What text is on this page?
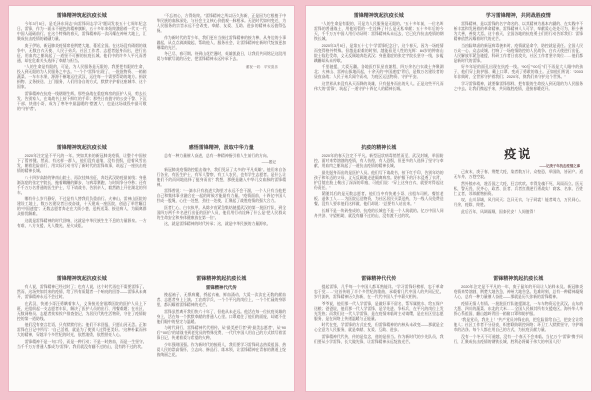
雷锋精神筑起抗疫长城

今年3月5日，是毛泽东同志“向雷锋同志学习”题词发表五十七周年纪念日。雷锋，作为一面永不褪色的精神旗帜，五十多年来始终激励着一代又一代中国人砥砺前行。在这个特殊的春天，雷锋精神再一次闪耀在神州大地上，汇聚成抗击疫情的磅礴力量。

庚子伊始，新冠肺炎疫情席卷荆楚大地，蔓延全国。在这场没有硝烟的战争中，无数白衣天使、人民子弟兵、社区工作者、志愿者挺身而出，逆行出征，用血肉之躯筑起了一道坚不可摧的抗疫长城。他们中的许多人平凡而普通，却在危难关头选择了奉献与担当。

“人的生命是有限的，可是，为人民服务是无限的，我要把有限的生命，投入到无限的为人民服务之中去。”一个个“雷锋”出现了，一批批物资、一箱箱蔬菜、一车车水果，源源不断地运往武汉，运往每一个需要帮助的地方。捐款捐物、义务接送、上门服务，人们用各自的方式，默默守护着这座城市、这个国家。

雷锋精神在抗疫一线熠熠生辉。那些奋战在重症病房的医护人员，剪去长发、告别家人，在请战书上按下鲜红的手印；那些日夜值守的公安干警、下沉干部、快递小哥，成为了寒冬中最温暖的“摆渡人”，也是这场战役中最可敬的“守护者”。

雷锋精神筑起抗疫长城

2020年注定是不平凡的一年。突如其来的新冠肺炎疫情，让整个中国按下了暂停键。然而，有这样一群人，他们没有退缩，没有畏惧，迎着风雪出发，朝着危险前行，用实际行动书写了新时代的雷锋故事，筑起了一座抗击疫情的精神长城。

八十四岁高龄的钟南山院士，再次挂帅出征，奔赴武汉防疫最前线；身患渐冻症的张定宇院长，拖着蹒跚的脚步，与病毒赛跑，与时间争分夺秒；还有千千万万名普通的医生护士，写下请战书，告别亲人，毅然踏上开往湖北的列车。

哪有什么岁月静好，不过是有人替我们负重前行。火神山、雷神山医院的建设工地上，数万名建设者日夜奋战，十天建成一座医院，创造了举世瞩目的“中国速度”；无数志愿者奔走在大街小巷，送药送菜、接送病人，为隔离群众排忧解难。

这就是雷锋精神的时代回响，这就是中华民族生生不息的力量源泉。一方有难，八方支援，凡人微光，星火成炬。

雷锋精神筑起抗疫长城

有人说，雷锋精神已经过时了；也有人说，这个时代再也不需要雷锋了。然而，这场突如其来的疫情，给了所有质疑者一个响亮的回答——雷锋从未离开，雷锋精神永远不会过时。

在武汉，快递小哥汪勇瞒着家人，义务接送金银潭医院的医护人员上下班，还组织起一支志愿者车队，解决了医护人员的出行、用餐难题；在社区，无数网格员、志愿者挨家挨户排查登记，为居民代购生活物资，守住了疫情防控的第一道防线。

他们没有豪言壮语，只有默默付出；他们不求回报，只愿山河无恙。正如雷锋在日记中所写：“自己活着，就是为了使别人过得更美好。”这种朴素而伟大的精神，穿越半个多世纪的时光，依然滚烫，依然照亮人心。

雷锋精神不是一句口号，而是一种行动；不是一时热血，而是一生坚守。当千千万万普通人都成为“雷锋”，我们就没有翻不过的山，没有跨不过的坎。

“不忘初心，方得始终。”雷锋精神之所以历久弥新，正是因为它根植于中华民族的血脉深处，与社会主义核心价值观一脉相承。无论时代如何变迁，为人民服务的宗旨永远不会改变，奉献、友爱、互助、进步的精神永远值得弘扬。

作为新时代的青少年，我们更应当接过雷锋精神的接力棒，从身边的小事做起，从点点滴滴做起，帮助他人、服务社会，让雷锋精神在新时代绽放更加璀璨的光芒。

冬已尽，春可期。待到山花烂漫时，英雄凯旋日，让我们共同铭记这段用爱与奉献写就的历史，把雷锋精神永远传承下去。

谨祝一切：平安喜乐
感悟雷锋精神，汲取中华力量

总有一种力量催人奋进，总有一种精神指引着人生前行的方向。

——题记

新冠肺炎疫情防控阻击战中，我们见证了太多的“平凡英雄”。他们来自各行各业，有医生护士，有军人警察，有工人农民，也有学生志愿者。是什么让他们不约而同地选择了挺身而出？我想，那便是融入中华儿女血脉的雷锋精神。

雷锋曾说：“一滴水只有放进大海里才永远不会干涸，一个人只有当他把自己和集体事业融合在一起的时候才能最有力量。”疫情面前，十四亿中国人拧成一股绳，心往一处想，劲往一处使，汇聚起了战胜疫情的强大合力。

医者仁心，白衣执甲。从除夕夜紧急集结驰援武汉的第一批医疗队，到全国四万两千多名逆行出征的医护人员，他们用行动诠释了什么是“把人民群众的生命安全和身体健康放在第一位”。

这，就是雷锋精神的时代传承；这，就是中华民族的力量源泉。

雷锋精神筑起抗疫长城
雷锋精神代代传

挽起袖子，无惧病魔，捋起衣袖，鲜血涌动，大爱一次次在无数的献血者、志愿者身上上演。工农商学兵，一个个平凡的岗位上，一个个忙碌的身影里，都闪耀着雷锋精神的光芒。

雷锋虽然离开我们快六十年了，但他从未走远。他活在每一位抗疫英雄的身上，活在每一个默默奉献的普通人心里。口罩遮住了他们的面庞，却遮不住他们眼中的坚定与温暖。

与时代同行，雷锋精神代代相传。从“最美逆行者”到“最美志愿者”，从“90后”“00后”的请战书到老党员的特殊党费，一代代中国人用自己的方式续写着雷锋日记，传递着爱与希望的火种。

少年强则国强。作为新时代的接班人，我们要学习雷锋同志热爱祖国、热爱人民的崇高情怀，立志向、修品行、练本领，让雷锋精神在青春的赛道上绽放绚丽之花。

雷锋精神筑起抗疫长城

“人的生命是有限的，可是为人民服务是无限的。”五十多年前，一位名叫雷锋的普通战士，用他短暂的一生诠释了什么是无私奉献；五十多年后的今天，千千万万中国人用行动证明：雷锋精神从未远去，它已化作抗击疫情的钢铁长城。

2020年3月5日，是第五十七个“学雷锋纪念日”。这个春天，因为一场疫情而变得格外特殊。但越是艰难的时刻，越能看见人性的光辉：84岁的钟南山院士临危受命，义无反顾地奔赴武汉；身患重症的张定宇院长坚守一线，步履蹒跚却从未停歇。

千里驰援，大爱无疆。各地医疗队星夜兼程，四万余名白衣战士齐聚湖北；火神山、雷神山拔地而起，十余天的“中国速度”背后，是数万名建设者的昼夜奋战；人民子弟兵闻令而动，为疫区运送物资、守护平安。

这世界从来没有从天而降的英雄，只有挺身而出的凡人。正是这些平凡而伟大的“雷锋”，筑起了一道守护十四亿人的精神长城。

抗疫的精神长城

2020年的春天注定不平凡。新型冠状病毒悄然而至，武汉封城，举国防控。面对来势汹汹的疫情，有人彷徨，有人恐惧，但更多的人选择了坚守与奉献，用血肉之躯筑起了一道抗击疫情的精神长城。

最先挺身而出的是医护人员。他们写下请战书，按下红手印，告别年幼的孩子和年迈的父母，义无反顾地走进隔离病房。防护服下的汗水浸透了衣背，护目镜在脸上勒出了深深的印痕，可他们说：“穿上这身白衣，就要对得起这份责任。”

紧随其后的是无数志愿者。他们当中有快递小哥、出租车司机、餐馆老板、退休工人……为医院运送物资，为社区居民买菜送药，为一线人员免费送餐。没有人要求他们这样做，他们却说：“总要有人站出来。”

长城不是一块砖垒成的，抗疫的长城也不是一个人筑就的。亿万中国人同舟共济、守望相助，就没有翻不过的山，没有渡不过的坎。

雷锋精神代代传

提起雷锋，几乎每一个中国人都耳熟能详。“学习雷锋好榜样，忠于革命忠于党……”这首传唱了半个多世纪的歌曲，承载着几代中国人的共同记忆。岁月流转，雷锋精神历久弥新，在一代代中国人手中薪火相传。

爷爷说，他们那一代人学雷锋，是做好事不留名，帮军属挑水、给五保户送粮；爸爸说，他们那一代人学雷锋，是学先进、争标兵，在平凡的岗位上发光发热；而我们这一代人学雷锋，是在疫情来临时主动请缨，是在社区里志愿服务，是在网络上传递温暖与正能量。

时代在变，学雷锋的方式在变，但雷锋精神的内核从未改变——那就是全心全意为人民服务，就是奉献、友爱、互助、进步。

雷锋精神代代传，传的是信念，递的是担当。作为新时代的少先队员，我们要从小学雷锋，长大做先锋，让雷锋精神永远绽放光芒。

学习雷锋精神，共同战胜疫情

雷锋精神，是以雷锋的名字命名的、以其精神为基本内涵的、在实践中不断丰富和发展着的革命精神。雷锋精神人人可学，奉献爱心处处可为，积小善为大善，善莫大焉。这个春天，全国各地的抗疫勇士们用行动告诉我们：雷锋精神依然闪耀着时代的光芒。

当凶险肆虐的新冠病毒袭来时，疫情就是命令，防控就是责任。全国人民万众一心、众志成城，打响了一场疫情防控的人民战争。白衣天使逆行出征，人民解放军紧急驰援，科研工作者日夜攻关，社区工作者坚守岗位……他们都是新时代的雷锋。

好多年轻的面孔出现在抗疫一线。“90后”“00后”们不再是大人眼中的孩子，他们穿上防护服、戴上口罩，变成了勇敢的战士。正如他们所说：“2003年非典时，全世界守护着我们；2020年，换我们来守护这个世界。”

学习雷锋精神，就要像雷锋那样，把有限的生命投入到无限的为人民服务之中去。让我们携起手来，共同战胜疫情，迎接春暖花开。

疫说
——记庚子年抗击疫情之事

己亥末，庚子春，荆楚大疫，染者数万计，众惶恐，举国防，皆闭户。道无车舟，万巷空寂。

然外狼亦动，趁吾国之大疫，狂言吠吠。幸得龙魂不死，风雨而立。医无私，警无畏，民齐心，政者、医者、兵者扛鼎逆行勇战矣！商客、名家、百姓仁义者，邻邦献物捐资。

叹，山川异域，风月同天；岂曰无衣，与子同裳！能者竭力，万民同心。月余，疫除，终胜。

此后百年，风调雨顺，国泰民安！人间值得！

雷锋精神筑起抗疫长城

2020年注定是不平凡的一年，庚子鼠年的开局让人始料未及。新冠肺炎疫情来势汹汹，荆楚大地告急，神州大地告急。危难时刻，总有一种精神凝聚人心，总有一种力量催人奋进——那就是历久弥新的雷锋精神。

疫情无情人有情。一批批医疗队驰援湖北，一车车物资运往武汉。山东的大葱、四川的蔬菜、东北的大米……全国人民倾其所有支援疫区。海外华人华侨心系祖国，翻山越岭背回一箱箱口罩和防护服。

“我是党员，我先上！”共产党员冲锋在前，把危险留给自己，把安全让给他人；社区工作者不分昼夜，织密联防联控网络；环卫工人默默坚守，守护城市的洁净。每个人都在用自己的方式，为抗疫贡献力量。

没有一个冬天不可逾越，没有一个春天不会来临。当亿万个“雷锋”携手同行，汇聚成抗击疫情的钢铁长城，胜利必将属于伟大的中国人民！
